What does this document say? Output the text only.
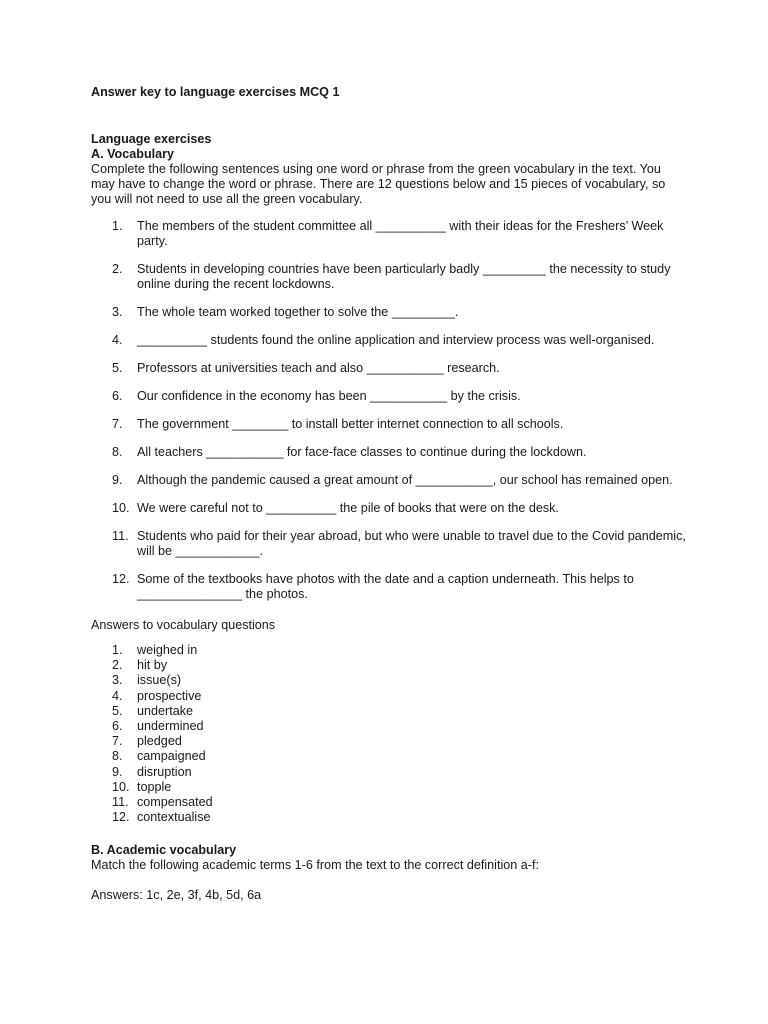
Answer key to language exercises MCQ 1

Language exercises

A. Vocabulary

Complete the following sentences using one word or phrase from the green vocabulary in the text. You may have to change the word or phrase. There are 12 questions below and 15 pieces of vocabulary, so you will not need to use all the green vocabulary.

1.	The members of the student committee all __________ with their ideas for the Freshers’ Week party.
2.	Students in developing countries have been particularly badly _________ the necessity to study online during the recent lockdowns.
3.	The whole team worked together to solve the _________.
4.	__________ students found the online application and interview process was well-organised.
5.	Professors at universities teach and also ___________ research.
6.	Our confidence in the economy has been ___________ by the crisis.
7.	The government ________ to install better internet connection to all schools.
8.	All teachers ___________ for face-face classes to continue during the lockdown.
9.	Although the pandemic caused a great amount of ___________, our school has remained open.
10. We were careful not to __________ the pile of books that were on the desk.
11. Students who paid for their year abroad, but who were unable to travel due to the Covid pandemic, will be ____________.
12. Some of the textbooks have photos with the date and a caption underneath. This helps to _______________ the photos.

Answers to vocabulary questions

1. weighed in
2. hit by
3. issue(s)
4. prospective
5. undertake
6. undermined
7. pledged
8. campaigned
9. disruption
10. topple
11. compensated
12. contextualise

B. Academic vocabulary

Match the following academic terms 1-6 from the text to the correct definition a-f:

Answers: 1c, 2e, 3f, 4b, 5d, 6a
